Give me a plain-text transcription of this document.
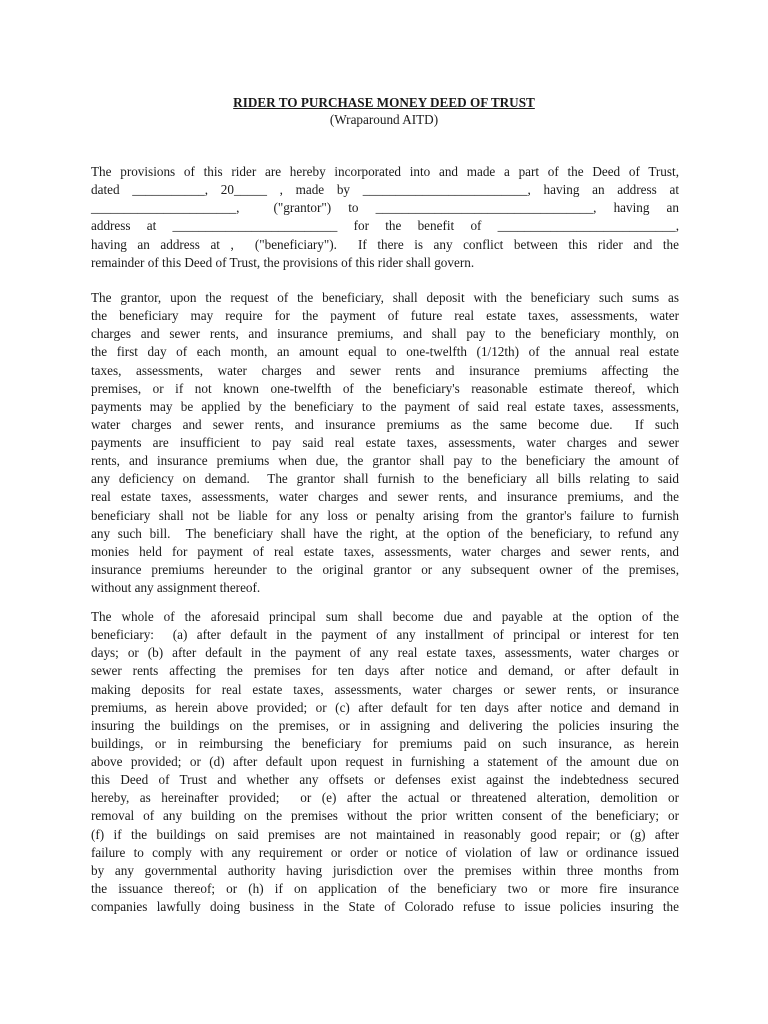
RIDER TO PURCHASE MONEY DEED OF TRUST
(Wraparound AITD)
The provisions of this rider are hereby incorporated into and made a part of the Deed of Trust,
dated ___________, 20_____ , made by _________________________, having an address at
______________________,  ("grantor") to _________________________________, having an
address at _________________________ for the benefit of ___________________________,
having an address at ,  ("beneficiary").  If there is any conflict between this rider and the
remainder of this Deed of Trust, the provisions of this rider shall govern.
The grantor, upon the request of the beneficiary, shall deposit with the beneficiary such sums as
the beneficiary may require for the payment of future real estate taxes, assessments, water
charges and sewer rents, and insurance premiums, and shall pay to the beneficiary monthly, on
the first day of each month, an amount equal to one-twelfth (1/12th) of the annual real estate
taxes, assessments, water charges and sewer rents and insurance premiums affecting the
premises, or if not known one-twelfth of the beneficiary's reasonable estimate thereof, which
payments may be applied by the beneficiary to the payment of said real estate taxes, assessments,
water charges and sewer rents, and insurance premiums as the same become due.  If such
payments are insufficient to pay said real estate taxes, assessments, water charges and sewer
rents, and insurance premiums when due, the grantor shall pay to the beneficiary the amount of
any deficiency on demand.  The grantor shall furnish to the beneficiary all bills relating to said
real estate taxes, assessments, water charges and sewer rents, and insurance premiums, and the
beneficiary shall not be liable for any loss or penalty arising from the grantor's failure to furnish
any such bill.  The beneficiary shall have the right, at the option of the beneficiary, to refund any
monies held for payment of real estate taxes, assessments, water charges and sewer rents, and
insurance premiums hereunder to the original grantor or any subsequent owner of the premises,
without any assignment thereof.
The whole of the aforesaid principal sum shall become due and payable at the option of the
beneficiary:  (a) after default in the payment of any installment of principal or interest for ten
days; or (b) after default in the payment of any real estate taxes, assessments, water charges or
sewer rents affecting the premises for ten days after notice and demand, or after default in
making deposits for real estate taxes, assessments, water charges or sewer rents, or insurance
premiums, as herein above provided; or (c) after default for ten days after notice and demand in
insuring the buildings on the premises, or in assigning and delivering the policies insuring the
buildings, or in reimbursing the beneficiary for premiums paid on such insurance, as herein
above provided; or (d) after default upon request in furnishing a statement of the amount due on
this Deed of Trust and whether any offsets or defenses exist against the indebtedness secured
hereby, as hereinafter provided;  or (e) after the actual or threatened alteration, demolition or
removal of any building on the premises without the prior written consent of the beneficiary; or
(f) if the buildings on said premises are not maintained in reasonably good repair; or (g) after
failure to comply with any requirement or order or notice of violation of law or ordinance issued
by any governmental authority having jurisdiction over the premises within three months from
the issuance thereof; or (h) if on application of the beneficiary two or more fire insurance
companies lawfully doing business in the State of Colorado refuse to issue policies insuring the
